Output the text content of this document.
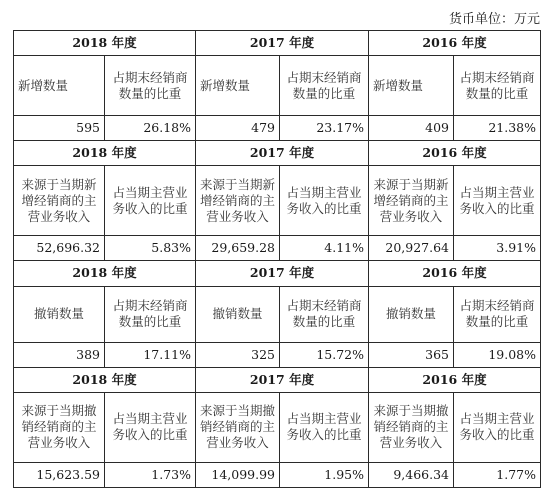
货币单位：万元
2018 年度		2017 年度		2016 年度	
新增数量	占期末经销商数量的比重	新增数量	占期末经销商数量的比重	新增数量	占期末经销商数量的比重
595	26.18%	479	23.17%	409	21.38%
2018 年度		2017 年度		2016 年度	
来源于当期新增经销商的主营业务收入	占当期主营业务收入的比重	来源于当期新增经销商的主营业务收入	占当期主营业务收入的比重	来源于当期新增经销商的主营业务收入	占当期主营业务收入的比重
52,696.32	5.83%	29,659.28	4.11%	20,927.64	3.91%
2018 年度		2017 年度		2016 年度	
撤销数量	占期末经销商数量的比重	撤销数量	占期末经销商数量的比重	撤销数量	占期末经销商数量的比重
389	17.11%	325	15.72%	365	19.08%
2018 年度		2017 年度		2016 年度	
来源于当期撤销经销商的主营业务收入	占当期主营业务收入的比重	来源于当期撤销经销商的主营业务收入	占当期主营业务收入的比重	来源于当期撤销经销商的主营业务收入	占当期主营业务收入的比重
15,623.59	1.73%	14,099.99	1.95%	9,466.34	1.77%
